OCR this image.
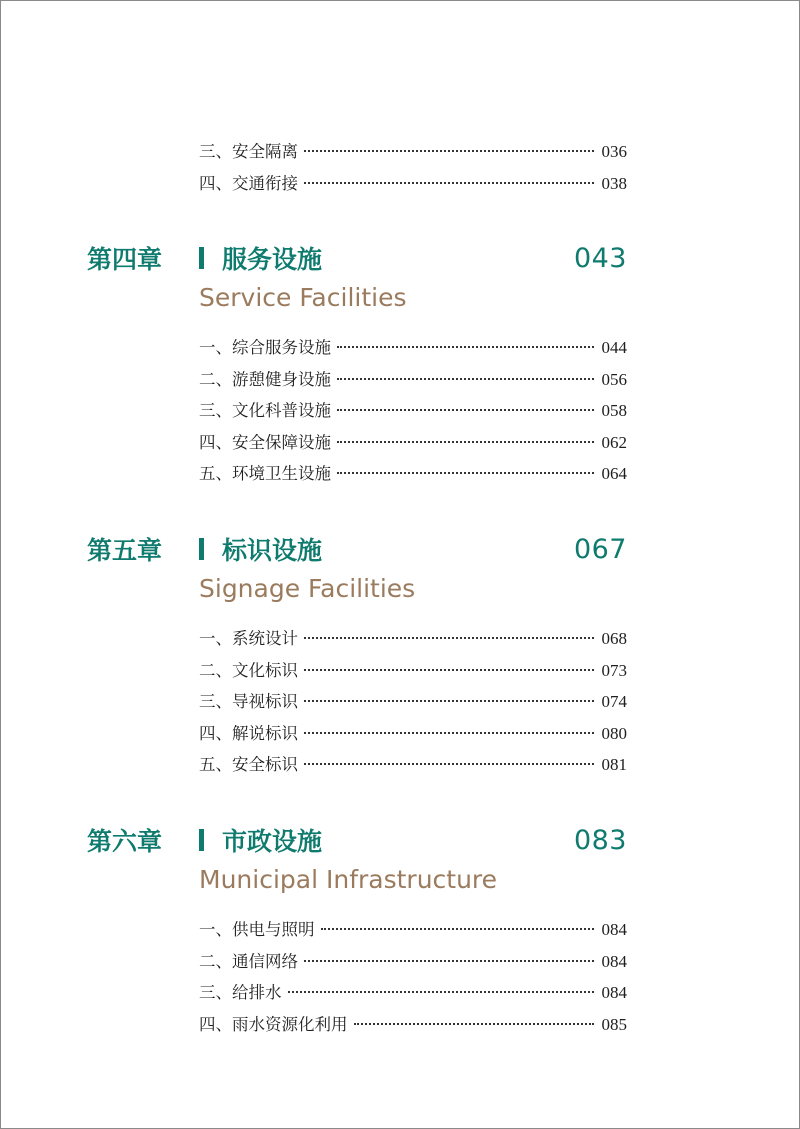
三、安全隔离	036
四、交通衔接	038
第四章	服务设施	043
Service Facilities
一、综合服务设施	044
二、游憩健身设施	056
三、文化科普设施	058
四、安全保障设施	062
五、环境卫生设施	064
第五章	标识设施	067
Signage Facilities
一、系统设计	068
二、文化标识	073
三、导视标识	074
四、解说标识	080
五、安全标识	081
第六章	市政设施	083
Municipal Infrastructure
一、供电与照明	084
二、通信网络	084
三、给排水	084
四、雨水资源化利用	085
